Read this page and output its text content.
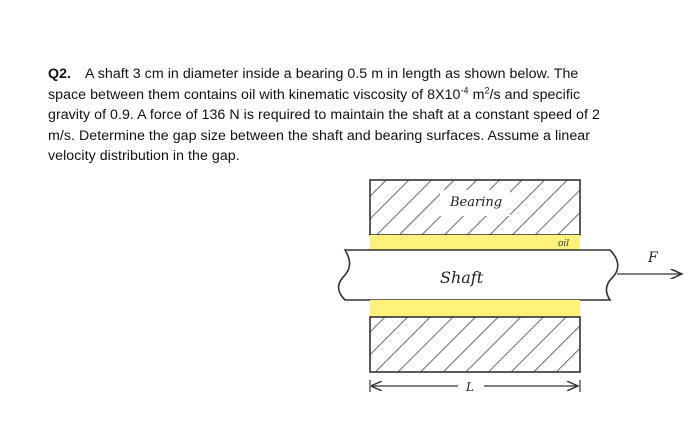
Q2. A shaft 3 cm in diameter inside a bearing 0.5 m in length as shown below. The
space between them contains oil with kinematic viscosity of $8X10^{-4}$ $m^2/s$ and specific
gravity of 0.9. A force of 136 N is required to maintain the shaft at a constant speed of 2
m/s. Determine the gap size between the shaft and bearing surfaces. Assume a linear
velocity distribution in the gap.
Bearing
oil
Shaft
F
L
